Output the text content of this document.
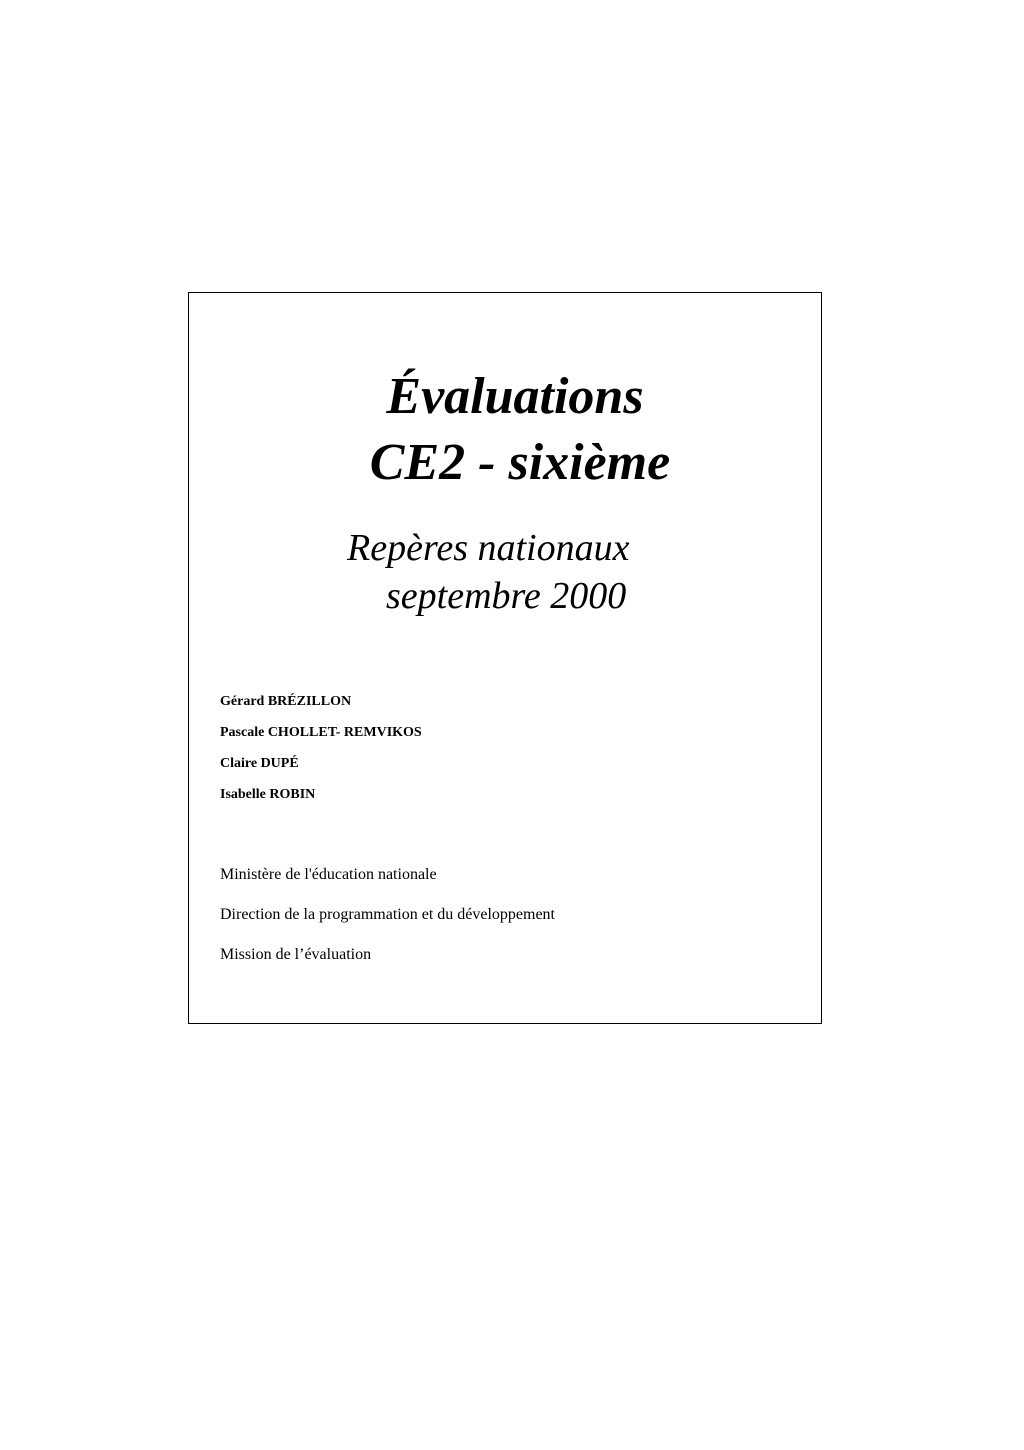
Évaluations
CE2 - sixième

Repères nationaux

septembre 2000

Gérard BRÉZILLON
Pascale CHOLLET- REMVIKOS
Claire DUPÉ
Isabelle ROBIN
Ministère de l'éducation nationale
Direction de la programmation et du développement
Mission de l’évaluation
